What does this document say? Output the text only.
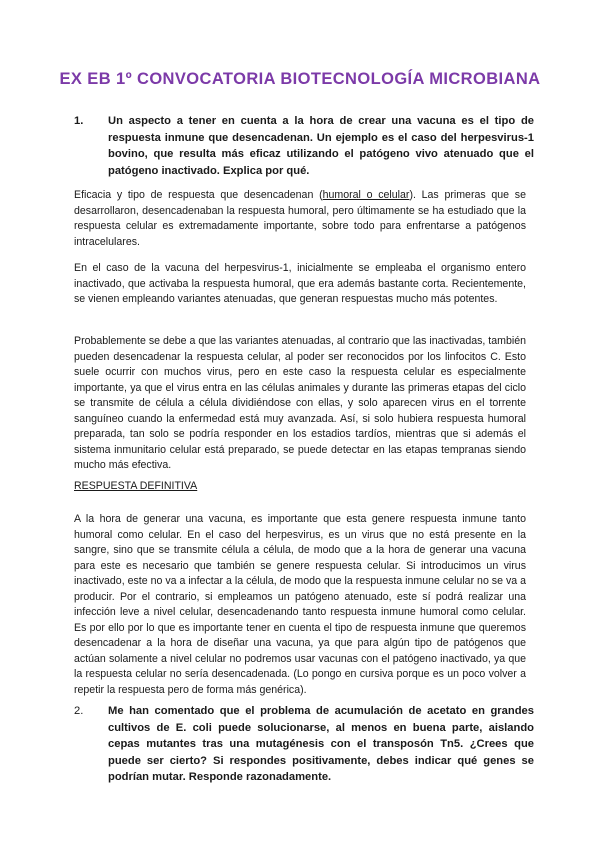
EX EB 1º CONVOCATORIA BIOTECNOLOGÍA MICROBIANA
1. Un aspecto a tener en cuenta a la hora de crear una vacuna es el tipo de respuesta inmune que desencadenan. Un ejemplo es el caso del herpesvirus-1 bovino, que resulta más eficaz utilizando el patógeno vivo atenuado que el patógeno inactivado. Explica por qué.
Eficacia y tipo de respuesta que desencadenan (humoral o celular). Las primeras que se desarrollaron, desencadenaban la respuesta humoral, pero últimamente se ha estudiado que la respuesta celular es extremadamente importante, sobre todo para enfrentarse a patógenos intracelulares.
En el caso de la vacuna del herpesvirus-1, inicialmente se empleaba el organismo entero inactivado, que activaba la respuesta humoral, que era además bastante corta. Recientemente, se vienen empleando variantes atenuadas, que generan respuestas mucho más potentes.
Probablemente se debe a que las variantes atenuadas, al contrario que las inactivadas, también pueden desencadenar la respuesta celular, al poder ser reconocidos por los linfocitos C. Esto suele ocurrir con muchos virus, pero en este caso la respuesta celular es especialmente importante, ya que el virus entra en las células animales y durante las primeras etapas del ciclo se transmite de célula a célula dividiéndose con ellas, y solo aparecen virus en el torrente sanguíneo cuando la enfermedad está muy avanzada. Así, si solo hubiera respuesta humoral preparada, tan solo se podría responder en los estadios tardíos, mientras que si además el sistema inmunitario celular está preparado, se puede detectar en las etapas tempranas siendo mucho más efectiva.
RESPUESTA DEFINITIVA
A la hora de generar una vacuna, es importante que esta genere respuesta inmune tanto humoral como celular. En el caso del herpesvirus, es un virus que no está presente en la sangre, sino que se transmite célula a célula, de modo que a la hora de generar una vacuna para este es necesario que también se genere respuesta celular. Si introducimos un virus inactivado, este no va a infectar a la célula, de modo que la respuesta inmune celular no se va a producir. Por el contrario, si empleamos un patógeno atenuado, este sí podrá realizar una infección leve a nivel celular, desencadenando tanto respuesta inmune humoral como celular. Es por ello por lo que es importante tener en cuenta el tipo de respuesta inmune que queremos desencadenar a la hora de diseñar una vacuna, ya que para algún tipo de patógenos que actúan solamente a nivel celular no podremos usar vacunas con el patógeno inactivado, ya que la respuesta celular no sería desencadenada. (Lo pongo en cursiva porque es un poco volver a repetir la respuesta pero de forma más genérica).
2. Me han comentado que el problema de acumulación de acetato en grandes cultivos de E. coli puede solucionarse, al menos en buena parte, aislando cepas mutantes tras una mutagénesis con el transposón Tn5. ¿Crees que puede ser cierto? Si respondes positivamente, debes indicar qué genes se podrían mutar. Responde razonadamente.
